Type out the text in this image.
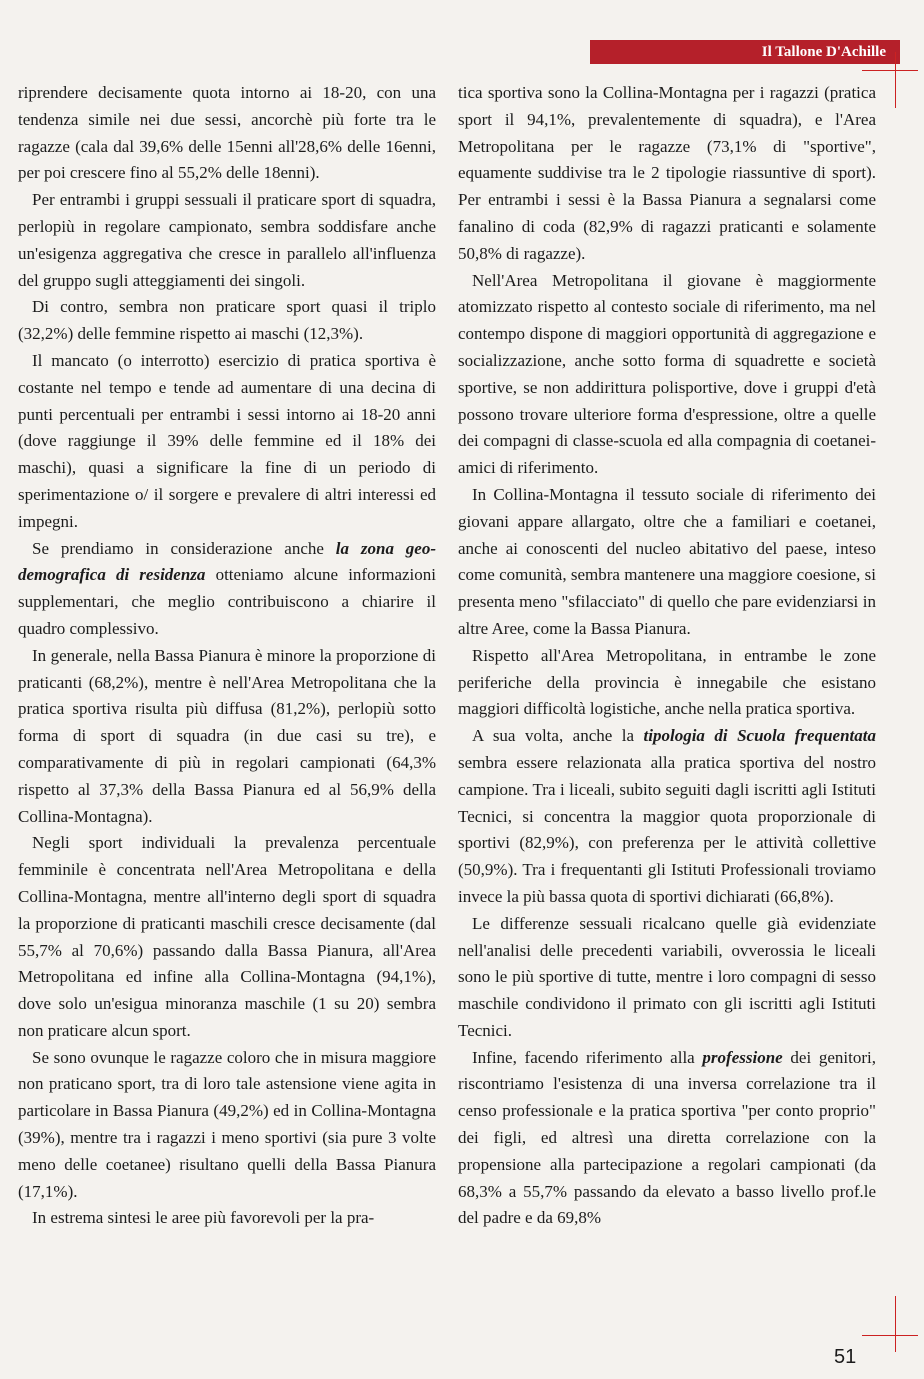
Il Tallone D'Achille

riprendere decisamente quota intorno ai 18-20, con una tendenza simile nei due sessi, ancorchè più forte tra le ragazze (cala dal 39,6% delle 15enni all'28,6% delle 16enni, per poi crescere fino al 55,2% delle 18enni).

Per entrambi i gruppi sessuali il praticare sport di squadra, perlopiù in regolare campionato, sembra soddisfare anche un'esigenza aggregativa che cresce in parallelo all'influenza del gruppo sugli atteggiamenti dei singoli.

Di contro, sembra non praticare sport quasi il triplo (32,2%) delle femmine rispetto ai maschi (12,3%).

Il mancato (o interrotto) esercizio di pratica sportiva è costante nel tempo e tende ad aumentare di una decina di punti percentuali per entrambi i sessi intorno ai 18-20 anni (dove raggiunge il 39% delle femmine ed il 18% dei maschi), quasi a significare la fine di un periodo di sperimentazione o/ il sorgere e prevalere di altri interessi ed impegni.

Se prendiamo in considerazione anche la zona geo-demografica di residenza otteniamo alcune informazioni supplementari, che meglio contribuiscono a chiarire il quadro complessivo.

In generale, nella Bassa Pianura è minore la proporzione di praticanti (68,2%), mentre è nell'Area Metropolitana che la pratica sportiva risulta più diffusa (81,2%), perlopiù sotto forma di sport di squadra (in due casi su tre), e comparativamente di più in regolari campionati (64,3% rispetto al 37,3% della Bassa Pianura ed al 56,9% della Collina-Montagna).

Negli sport individuali la prevalenza percentuale femminile è concentrata nell'Area Metropolitana e della Collina-Montagna, mentre all'interno degli sport di squadra la proporzione di praticanti maschili cresce decisamente (dal 55,7% al 70,6%) passando dalla Bassa Pianura, all'Area Metropolitana ed infine alla Collina-Montagna (94,1%), dove solo un'esigua minoranza maschile (1 su 20) sembra non praticare alcun sport.

Se sono ovunque le ragazze coloro che in misura maggiore non praticano sport, tra di loro tale astensione viene agita in particolare in Bassa Pianura (49,2%) ed in Collina-Montagna (39%), mentre tra i ragazzi i meno sportivi (sia pure 3 volte meno delle coetanee) risultano quelli della Bassa Pianura (17,1%).

In estrema sintesi le aree più favorevoli per la pra-

tica sportiva sono la Collina-Montagna per i ragazzi (pratica sport il 94,1%, prevalentemente di squadra), e l'Area Metropolitana per le ragazze (73,1% di "sportive", equamente suddivise tra le 2 tipologie riassuntive di sport). Per entrambi i sessi è la Bassa Pianura a segnalarsi come fanalino di coda (82,9% di ragazzi praticanti e solamente 50,8% di ragazze).

Nell'Area Metropolitana il giovane è maggiormente atomizzato rispetto al contesto sociale di riferimento, ma nel contempo dispone di maggiori opportunità di aggregazione e socializzazione, anche sotto forma di squadrette e società sportive, se non addirittura polisportive, dove i gruppi d'età possono trovare ulteriore forma d'espressione, oltre a quelle dei compagni di classe-scuola ed alla compagnia di coetanei-amici di riferimento.

In Collina-Montagna il tessuto sociale di riferimento dei giovani appare allargato, oltre che a familiari e coetanei, anche ai conoscenti del nucleo abitativo del paese, inteso come comunità, sembra mantenere una maggiore coesione, si presenta meno "sfilacciato" di quello che pare evidenziarsi in altre Aree, come la Bassa Pianura.

Rispetto all'Area Metropolitana, in entrambe le zone periferiche della provincia è innegabile che esistano maggiori difficoltà logistiche, anche nella pratica sportiva.

A sua volta, anche la tipologia di Scuola frequentata sembra essere relazionata alla pratica sportiva del nostro campione. Tra i liceali, subito seguiti dagli iscritti agli Istituti Tecnici, si concentra la maggior quota proporzionale di sportivi (82,9%), con preferenza per le attività collettive (50,9%). Tra i frequentanti gli Istituti Professionali troviamo invece la più bassa quota di sportivi dichiarati (66,8%).

Le differenze sessuali ricalcano quelle già evidenziate nell'analisi delle precedenti variabili, ovverossia le liceali sono le più sportive di tutte, mentre i loro compagni di sesso maschile condividono il primato con gli iscritti agli Istituti Tecnici.

Infine, facendo riferimento alla professione dei genitori, riscontriamo l'esistenza di una inversa correlazione tra il censo professionale e la pratica sportiva "per conto proprio" dei figli, ed altresì una diretta correlazione con la propensione alla partecipazione a regolari campionati (da 68,3% a 55,7% passando da elevato a basso livello prof.le del padre e da 69,8%

51
